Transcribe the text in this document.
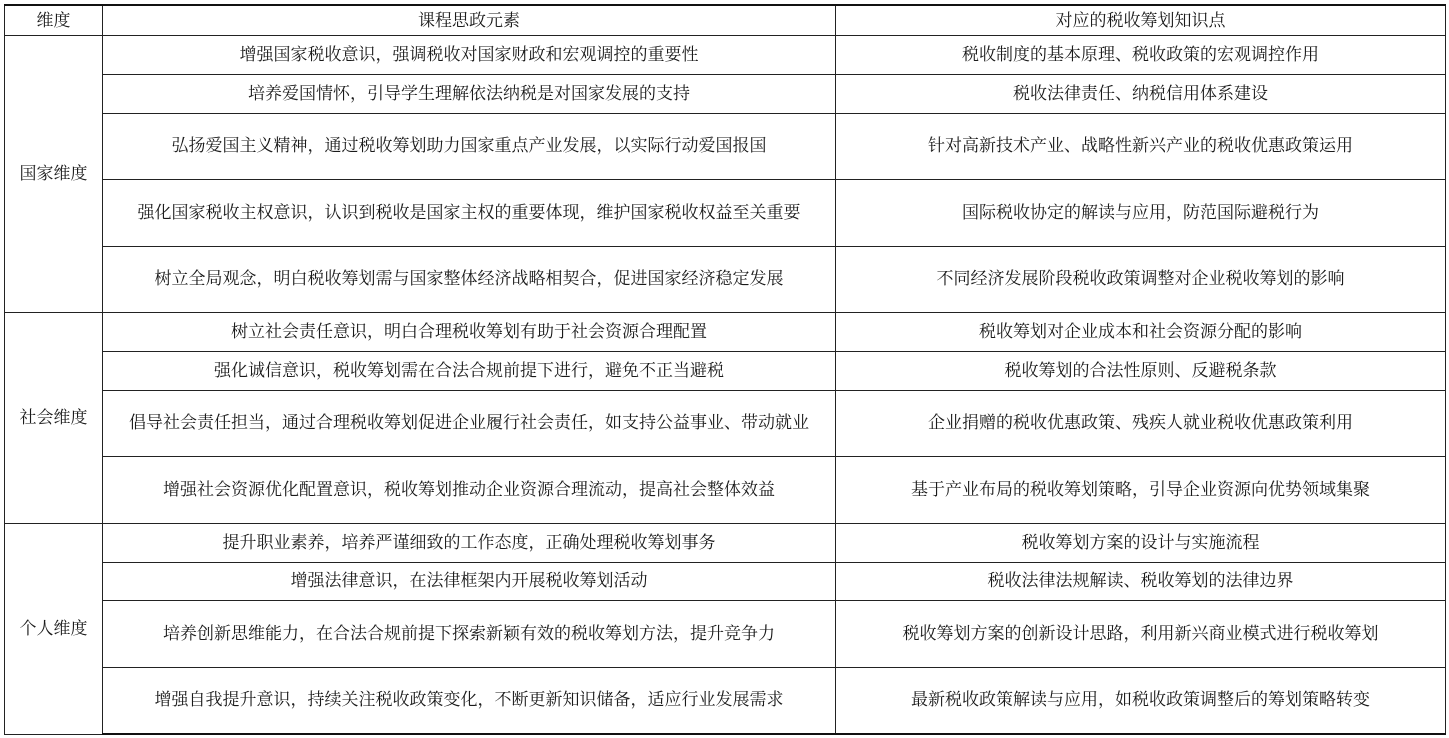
维度	课程思政元素	对应的税收筹划知识点
国家维度	增强国家税收意识，强调税收对国家财政和宏观调控的重要性	税收制度的基本原理、税收政策的宏观调控作用
	培养爱国情怀，引导学生理解依法纳税是对国家发展的支持	税收法律责任、纳税信用体系建设
	弘扬爱国主义精神，通过税收筹划助力国家重点产业发展，以实际行动爱国报国	针对高新技术产业、战略性新兴产业的税收优惠政策运用
	强化国家税收主权意识，认识到税收是国家主权的重要体现，维护国家税收权益至关重要	国际税收协定的解读与应用，防范国际避税行为
	树立全局观念，明白税收筹划需与国家整体经济战略相契合，促进国家经济稳定发展	不同经济发展阶段税收政策调整对企业税收筹划的影响
社会维度	树立社会责任意识，明白合理税收筹划有助于社会资源合理配置	税收筹划对企业成本和社会资源分配的影响
	强化诚信意识，税收筹划需在合法合规前提下进行，避免不正当避税	税收筹划的合法性原则、反避税条款
	倡导社会责任担当，通过合理税收筹划促进企业履行社会责任，如支持公益事业、带动就业	企业捐赠的税收优惠政策、残疾人就业税收优惠政策利用
	增强社会资源优化配置意识，税收筹划推动企业资源合理流动，提高社会整体效益	基于产业布局的税收筹划策略，引导企业资源向优势领域集聚
个人维度	提升职业素养，培养严谨细致的工作态度，正确处理税收筹划事务	税收筹划方案的设计与实施流程
	增强法律意识，在法律框架内开展税收筹划活动	税收法律法规解读、税收筹划的法律边界
	培养创新思维能力，在合法合规前提下探索新颖有效的税收筹划方法，提升竞争力	税收筹划方案的创新设计思路，利用新兴商业模式进行税收筹划
	增强自我提升意识，持续关注税收政策变化，不断更新知识储备，适应行业发展需求	最新税收政策解读与应用，如税收政策调整后的筹划策略转变
